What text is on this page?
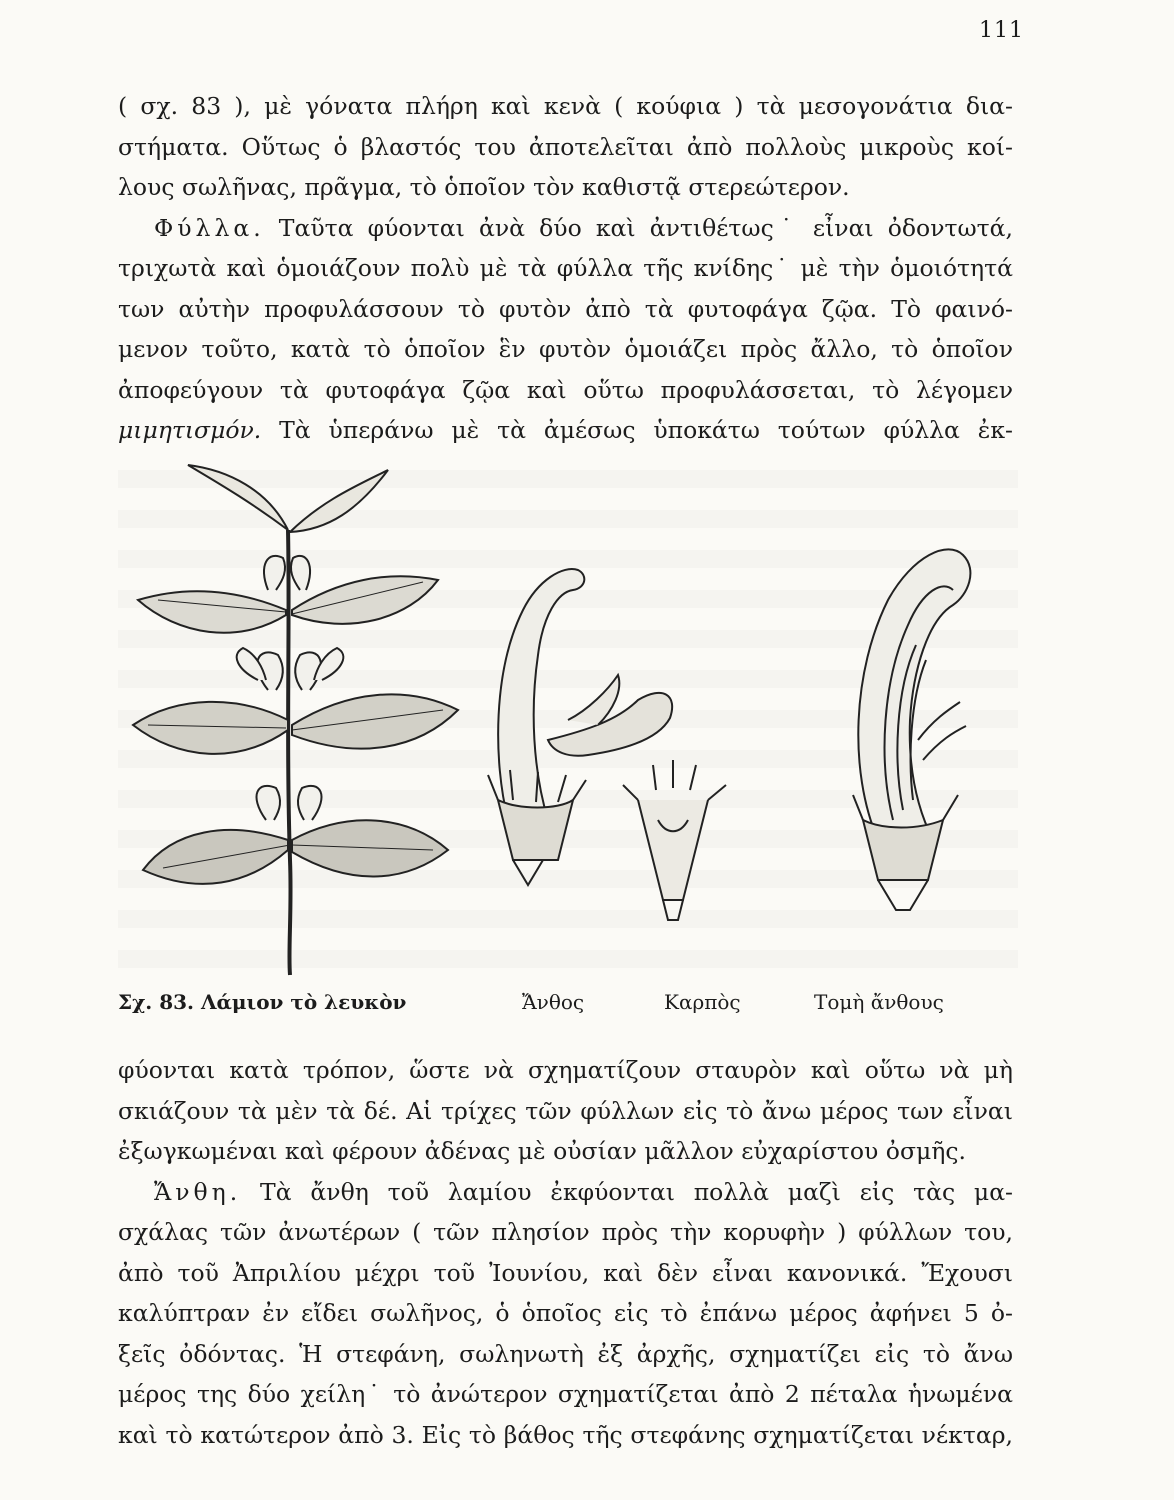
111
( σχ. 83 ), μὲ γόνατα πλήρη καὶ κενὰ ( κούφια ) τὰ μεσογονάτια δια-
στήματα. Οὕτως ὁ βλαστός του ἀποτελεῖται ἀπὸ πολλοὺς μικροὺς κοί-
λους σωλῆνας, πρᾶγμα, τὸ ὁποῖον τὸν καθιστᾷ στερεώτερον.
Φύλλα. Ταῦτα φύονται ἀνὰ δύο καὶ ἀντιθέτως˙ εἶναι ὀδοντωτά,
τριχωτὰ καὶ ὁμοιάζουν πολὺ μὲ τὰ φύλλα τῆς κνίδης˙ μὲ τὴν ὁμοιότητά
των αὐτὴν προφυλάσσουν τὸ φυτὸν ἀπὸ τὰ φυτοφάγα ζῷα. Τὸ φαινό-
μενον τοῦτο, κατὰ τὸ ὁποῖον ἓν φυτὸν ὁμοιάζει πρὸς ἄλλο, τὸ ὁποῖον
ἀποφεύγουν τὰ φυτοφάγα ζῷα καὶ οὕτω προφυλάσσεται, τὸ λέγομεν
μιμητισμόν. Τὰ ὑπεράνω μὲ τὰ ἀμέσως ὑποκάτω τούτων φύλλα ἐκ-
Σχ. 83. Λάμιον τὸ λευκὸν	Ἄνθος	Καρπὸς	Τομὴ ἄνθους
φύονται κατὰ τρόπον, ὥστε νὰ σχηματίζουν σταυρὸν καὶ οὕτω νὰ μὴ
σκιάζουν τὰ μὲν τὰ δέ. Αἱ τρίχες τῶν φύλλων εἰς τὸ ἄνω μέρος των εἶναι
ἐξωγκωμέναι καὶ φέρουν ἀδένας μὲ οὐσίαν μᾶλλον εὐχαρίστου ὀσμῆς.
Ἄνθη. Τὰ ἄνθη τοῦ λαμίου ἐκφύονται πολλὰ μαζὶ εἰς τὰς μα-
σχάλας τῶν ἀνωτέρων ( τῶν πλησίον πρὸς τὴν κορυφὴν ) φύλλων του,
ἀπὸ τοῦ Ἀπριλίου μέχρι τοῦ Ἰουνίου, καὶ δὲν εἶναι κανονικά. Ἔχουσι
καλύπτραν ἐν εἴδει σωλῆνος, ὁ ὁποῖος εἰς τὸ ἐπάνω μέρος ἀφήνει 5 ὀ-
ξεῖς ὀδόντας. Ἡ στεφάνη, σωληνωτὴ ἐξ ἀρχῆς, σχηματίζει εἰς τὸ ἄνω
μέρος της δύο χείλη˙ τὸ ἀνώτερον σχηματίζεται ἀπὸ 2 πέταλα ἡνωμένα
καὶ τὸ κατώτερον ἀπὸ 3. Εἰς τὸ βάθος τῆς στεφάνης σχηματίζεται νέκταρ,
